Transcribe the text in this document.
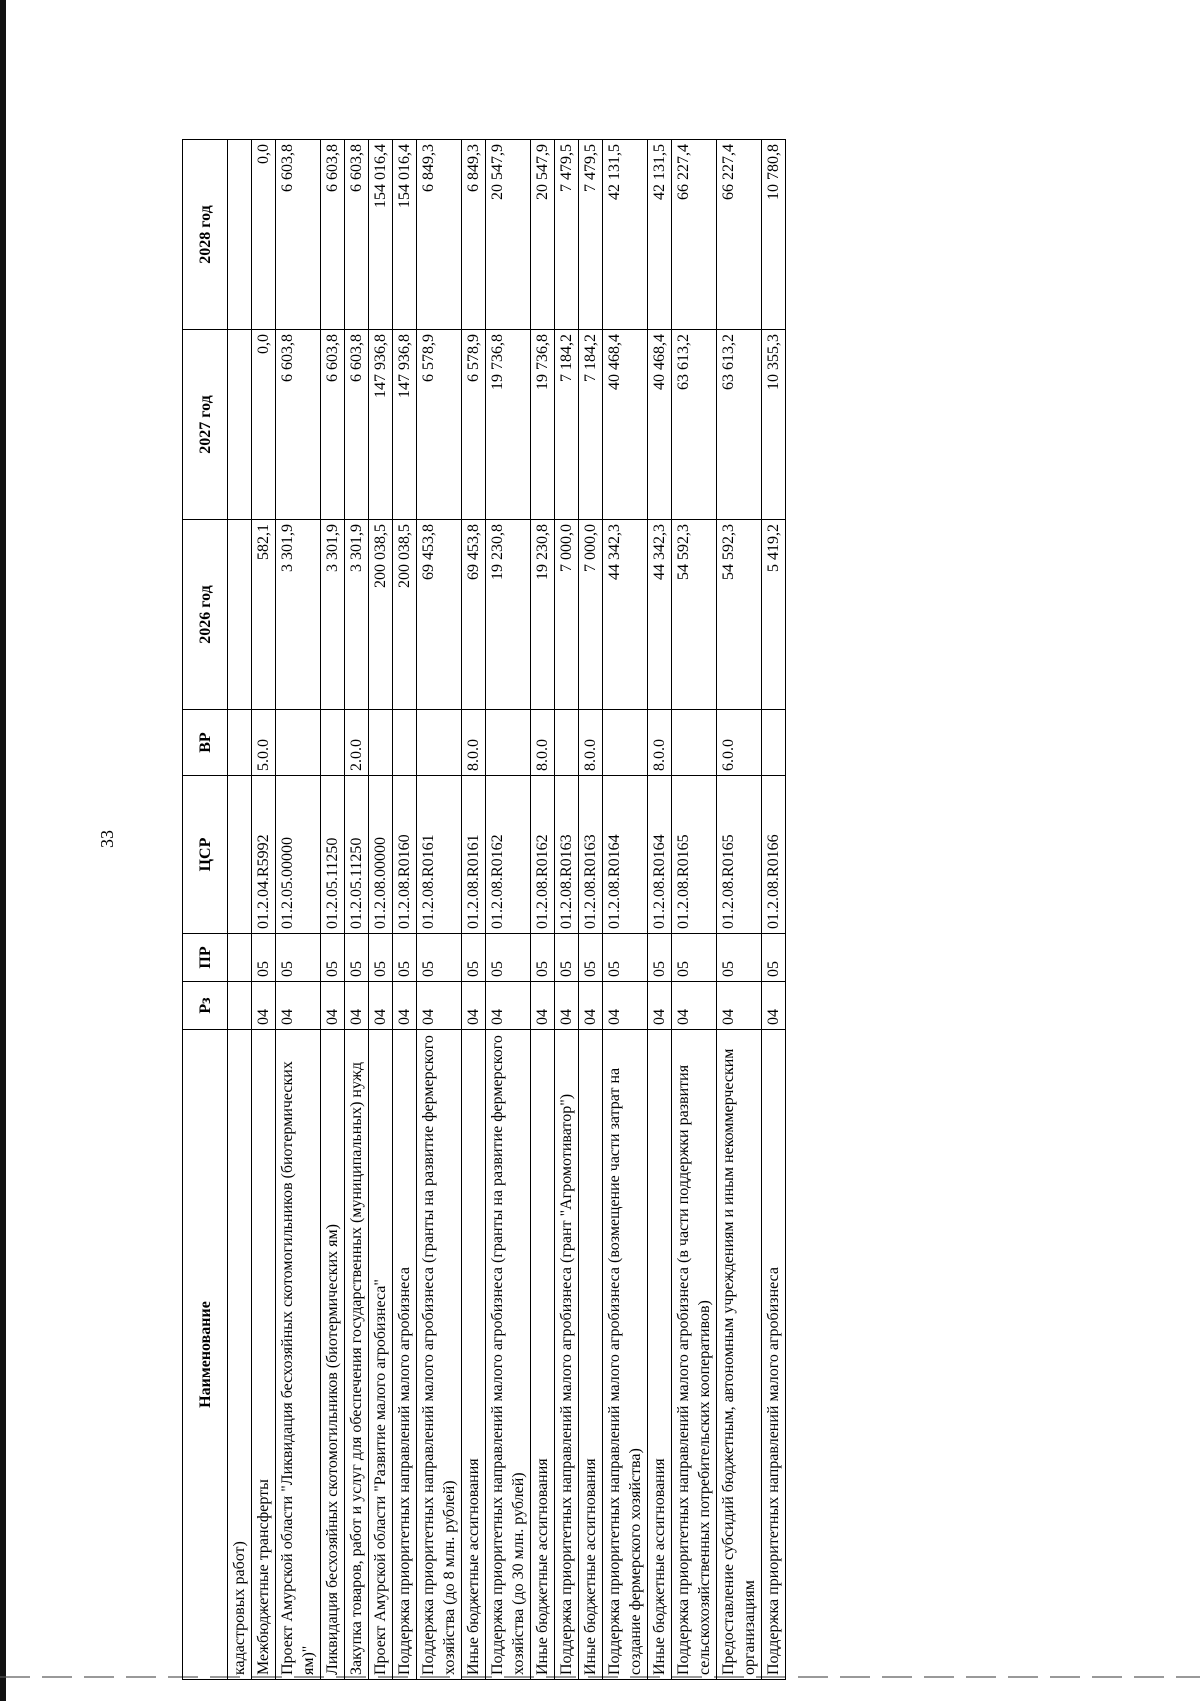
33
Наименование	Рз	ПР	ЦСР	ВР	2026 год	2027 год	2028 год
кадастровых работ)							
Межбюджетные трансферты	04	05	01.2.04.R5992	5.0.0	582,1	0,0	0,0
Проект Амурской области "Ликвидация бесхозяйных скотомогильников (биотермических ям)"	04	05	01.2.05.00000		3 301,9	6 603,8	6 603,8
Ликвидация бесхозяйных скотомогильников (биотермических ям)	04	05	01.2.05.11250		3 301,9	6 603,8	6 603,8
Закупка товаров, работ и услуг для обеспечения государственных (муниципальных) нужд	04	05	01.2.05.11250	2.0.0	3 301,9	6 603,8	6 603,8
Проект Амурской области "Развитие малого агробизнеса"	04	05	01.2.08.00000		200 038,5	147 936,8	154 016,4
Поддержка приоритетных направлений малого агробизнеса	04	05	01.2.08.R0160		200 038,5	147 936,8	154 016,4
Поддержка приоритетных направлений малого агробизнеса (гранты на развитие фермерского хозяйства (до 8 млн. рублей)	04	05	01.2.08.R0161		69 453,8	6 578,9	6 849,3
Иные бюджетные ассигнования	04	05	01.2.08.R0161	8.0.0	69 453,8	6 578,9	6 849,3
Поддержка приоритетных направлений малого агробизнеса (гранты на развитие фермерского хозяйства (до 30 млн. рублей)	04	05	01.2.08.R0162		19 230,8	19 736,8	20 547,9
Иные бюджетные ассигнования	04	05	01.2.08.R0162	8.0.0	19 230,8	19 736,8	20 547,9
Поддержка приоритетных направлений малого агробизнеса (грант "Агромотиватор")	04	05	01.2.08.R0163		7 000,0	7 184,2	7 479,5
Иные бюджетные ассигнования	04	05	01.2.08.R0163	8.0.0	7 000,0	7 184,2	7 479,5
Поддержка приоритетных направлений малого агробизнеса (возмещение части затрат на создание фермерского хозяйства)	04	05	01.2.08.R0164		44 342,3	40 468,4	42 131,5
Иные бюджетные ассигнования	04	05	01.2.08.R0164	8.0.0	44 342,3	40 468,4	42 131,5
Поддержка приоритетных направлений малого агробизнеса (в части поддержки развития сельскохозяйственных потребительских кооперативов)	04	05	01.2.08.R0165		54 592,3	63 613,2	66 227,4
Предоставление субсидий бюджетным, автономным учреждениям и иным некоммерческим организациям	04	05	01.2.08.R0165	6.0.0	54 592,3	63 613,2	66 227,4
Поддержка приоритетных направлений малого агробизнеса	04	05	01.2.08.R0166		5 419,2	10 355,3	10 780,8
